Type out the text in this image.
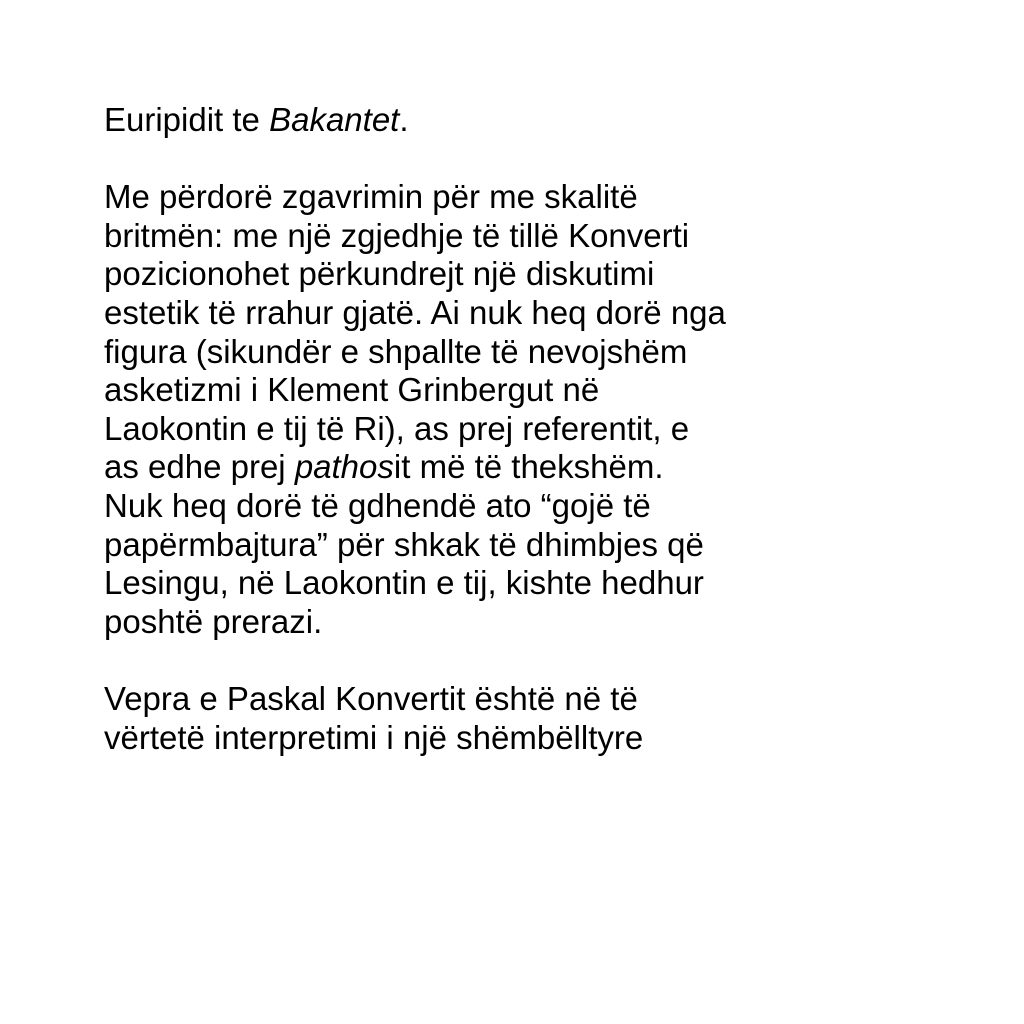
Euripidit te Bakantet.

Me përdorë zgavrimin për me skalitë
britmën: me një zgjedhje të tillë Konverti
pozicionohet përkundrejt një diskutimi
estetik të rrahur gjatë. Ai nuk heq dorë nga
figura (sikundër e shpallte të nevojshëm
asketizmi i Klement Grinbergut në
Laokontin e tij të Ri), as prej referentit, e
as edhe prej pathosit më të thekshëm.
Nuk heq dorë të gdhendë ato “gojë të
papërmbajtura” për shkak të dhimbjes që
Lesingu, në Laokontin e tij, kishte hedhur
poshtë prerazi.

Vepra e Paskal Konvertit është në të
vërtetë interpretimi i një shëmbëlltyre
